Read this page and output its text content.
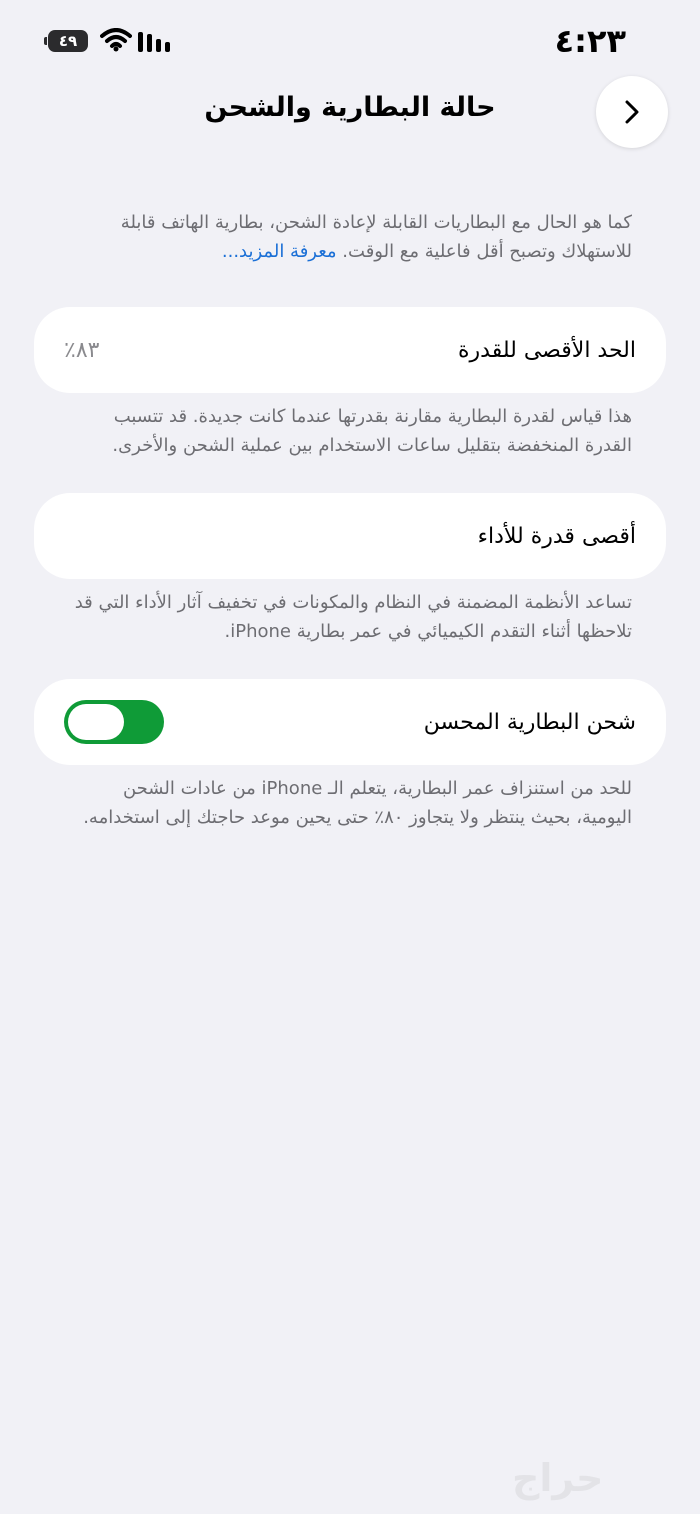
٤:٢٣
٤٩
حالة البطارية والشحن
كما هو الحال مع البطاريات القابلة لإعادة الشحن، بطارية الهاتف قابلة للاستهلاك وتصبح أقل فاعلية مع الوقت. معرفة المزيد...
الحد الأقصى للقدرة
٨٣٪
هذا قياس لقدرة البطارية مقارنة بقدرتها عندما كانت جديدة. قد تتسبب القدرة المنخفضة بتقليل ساعات الاستخدام بين عملية الشحن والأخرى.
أقصى قدرة للأداء
تساعد الأنظمة المضمنة في النظام والمكونات في تخفيف آثار الأداء التي قد تلاحظها أثناء التقدم الكيميائي في عمر بطارية iPhone.
شحن البطارية المحسن
للحد من استنزاف عمر البطارية، يتعلم الـ iPhone من عادات الشحن اليومية، بحيث ينتظر ولا يتجاوز ٨٠٪ حتى يحين موعد حاجتك إلى استخدامه.
حراج
